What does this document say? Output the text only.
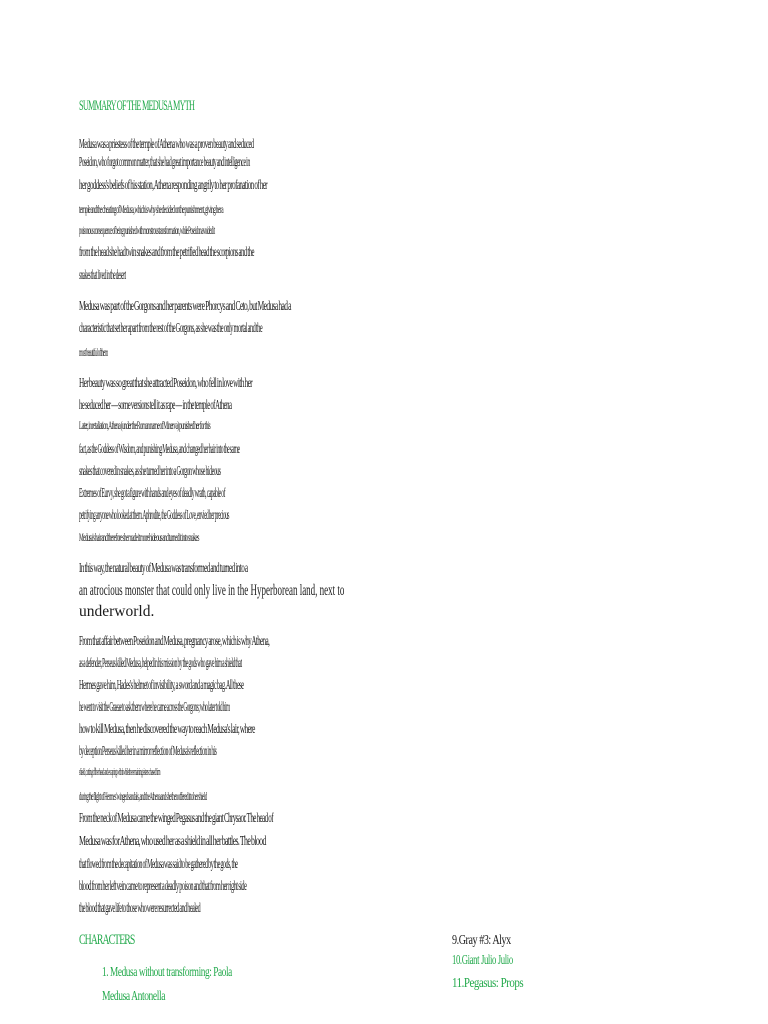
SUMMARY OF THE MEDUSA MYTH
Medusa was a priestess of the temple of Athena who was a proven beauty and seduced
Poseidon, who forgot common matter, that she had great importance beauty and intelligence in
her goddess's beliefs of his station, Athena responding angrily to her profanation of her
temple and the cheating of Medusa, which is why she decided on the punishment, giving her a
poisonous consequence of being punished with monstrous transformation, while Poseidon avoided it
from the head she had twin snakes and from the petrified head the scorpions and the
snakes that lived in the desert
Medusa was part of the Gorgons and her parents were Phorcys and Ceto, but Medusa had a
characteristic that set her apart from the rest of the Gorgons, as she was the only mortal and the
most beautiful of them
Her beauty was so great that she attracted Poseidon, who fell in love with her
he seduced her — some versions tell it as rape — in the temple of Athena
Later, in retaliation, Athena (under the Roman name of Minerva) punished her for this
fact, as the Goddess of Wisdom, and punishing Medusa, and changed her hair into the same
snakes that covered in snakes, as she turned her into a Gorgon whose hideous
Extremes of Eurvy, she got a figure with hands and eyes of deadly wrath, capable of
petrifying anyone who looked at them. Aphrodite, the Goddess of Love, envied her precious
Medusa's hair and therefore she made it more hideous and turned it into snakes
In this way, the natural beauty of Medusa was transformed and turned into a
an atrocious monster that could only live in the Hyperborean land, next to
underworld.
From that affair between Poseidon and Medusa, pregnancy arose, which is why Athena,
as a defender, Perseus killed Medusa, helped in his mission by the gods who gave him a shield that
Hermes gave him, Hades's helmet of invisibility, a sword and a magic bag. All these
he went to visit the Graeae to ask them where he came across the Gorgons; who later told him
how to kill Medusa, then he discovered the way to reach Medusa's lair, where
by deception Perseus killed her in a mirror reflection of Medusa's reflection in his
shield, cutting off her head and escaping with it while the remaining sisters chased him
during the flight of Hermes' winged sandals, and the Athena and she then offered it to her shield
From the neck of Medusa came the winged Pegasus and the giant Chrysaor. The head of
Medusa was for Athena, who used her as a shield in all her battles. The blood
that flowed from the decapitation of Medusa was said to be gathered by the gods, the
blood from her left vein came to represent a deadly poison and that from her right side
the blood that gave life to those who were resurrected and healed
CHARACTERS
1. Medusa without transforming: Paola
Medusa Antonella
9.Gray #3: Alyx
10.Giant Julio Julio
11.Pegasus: Props
